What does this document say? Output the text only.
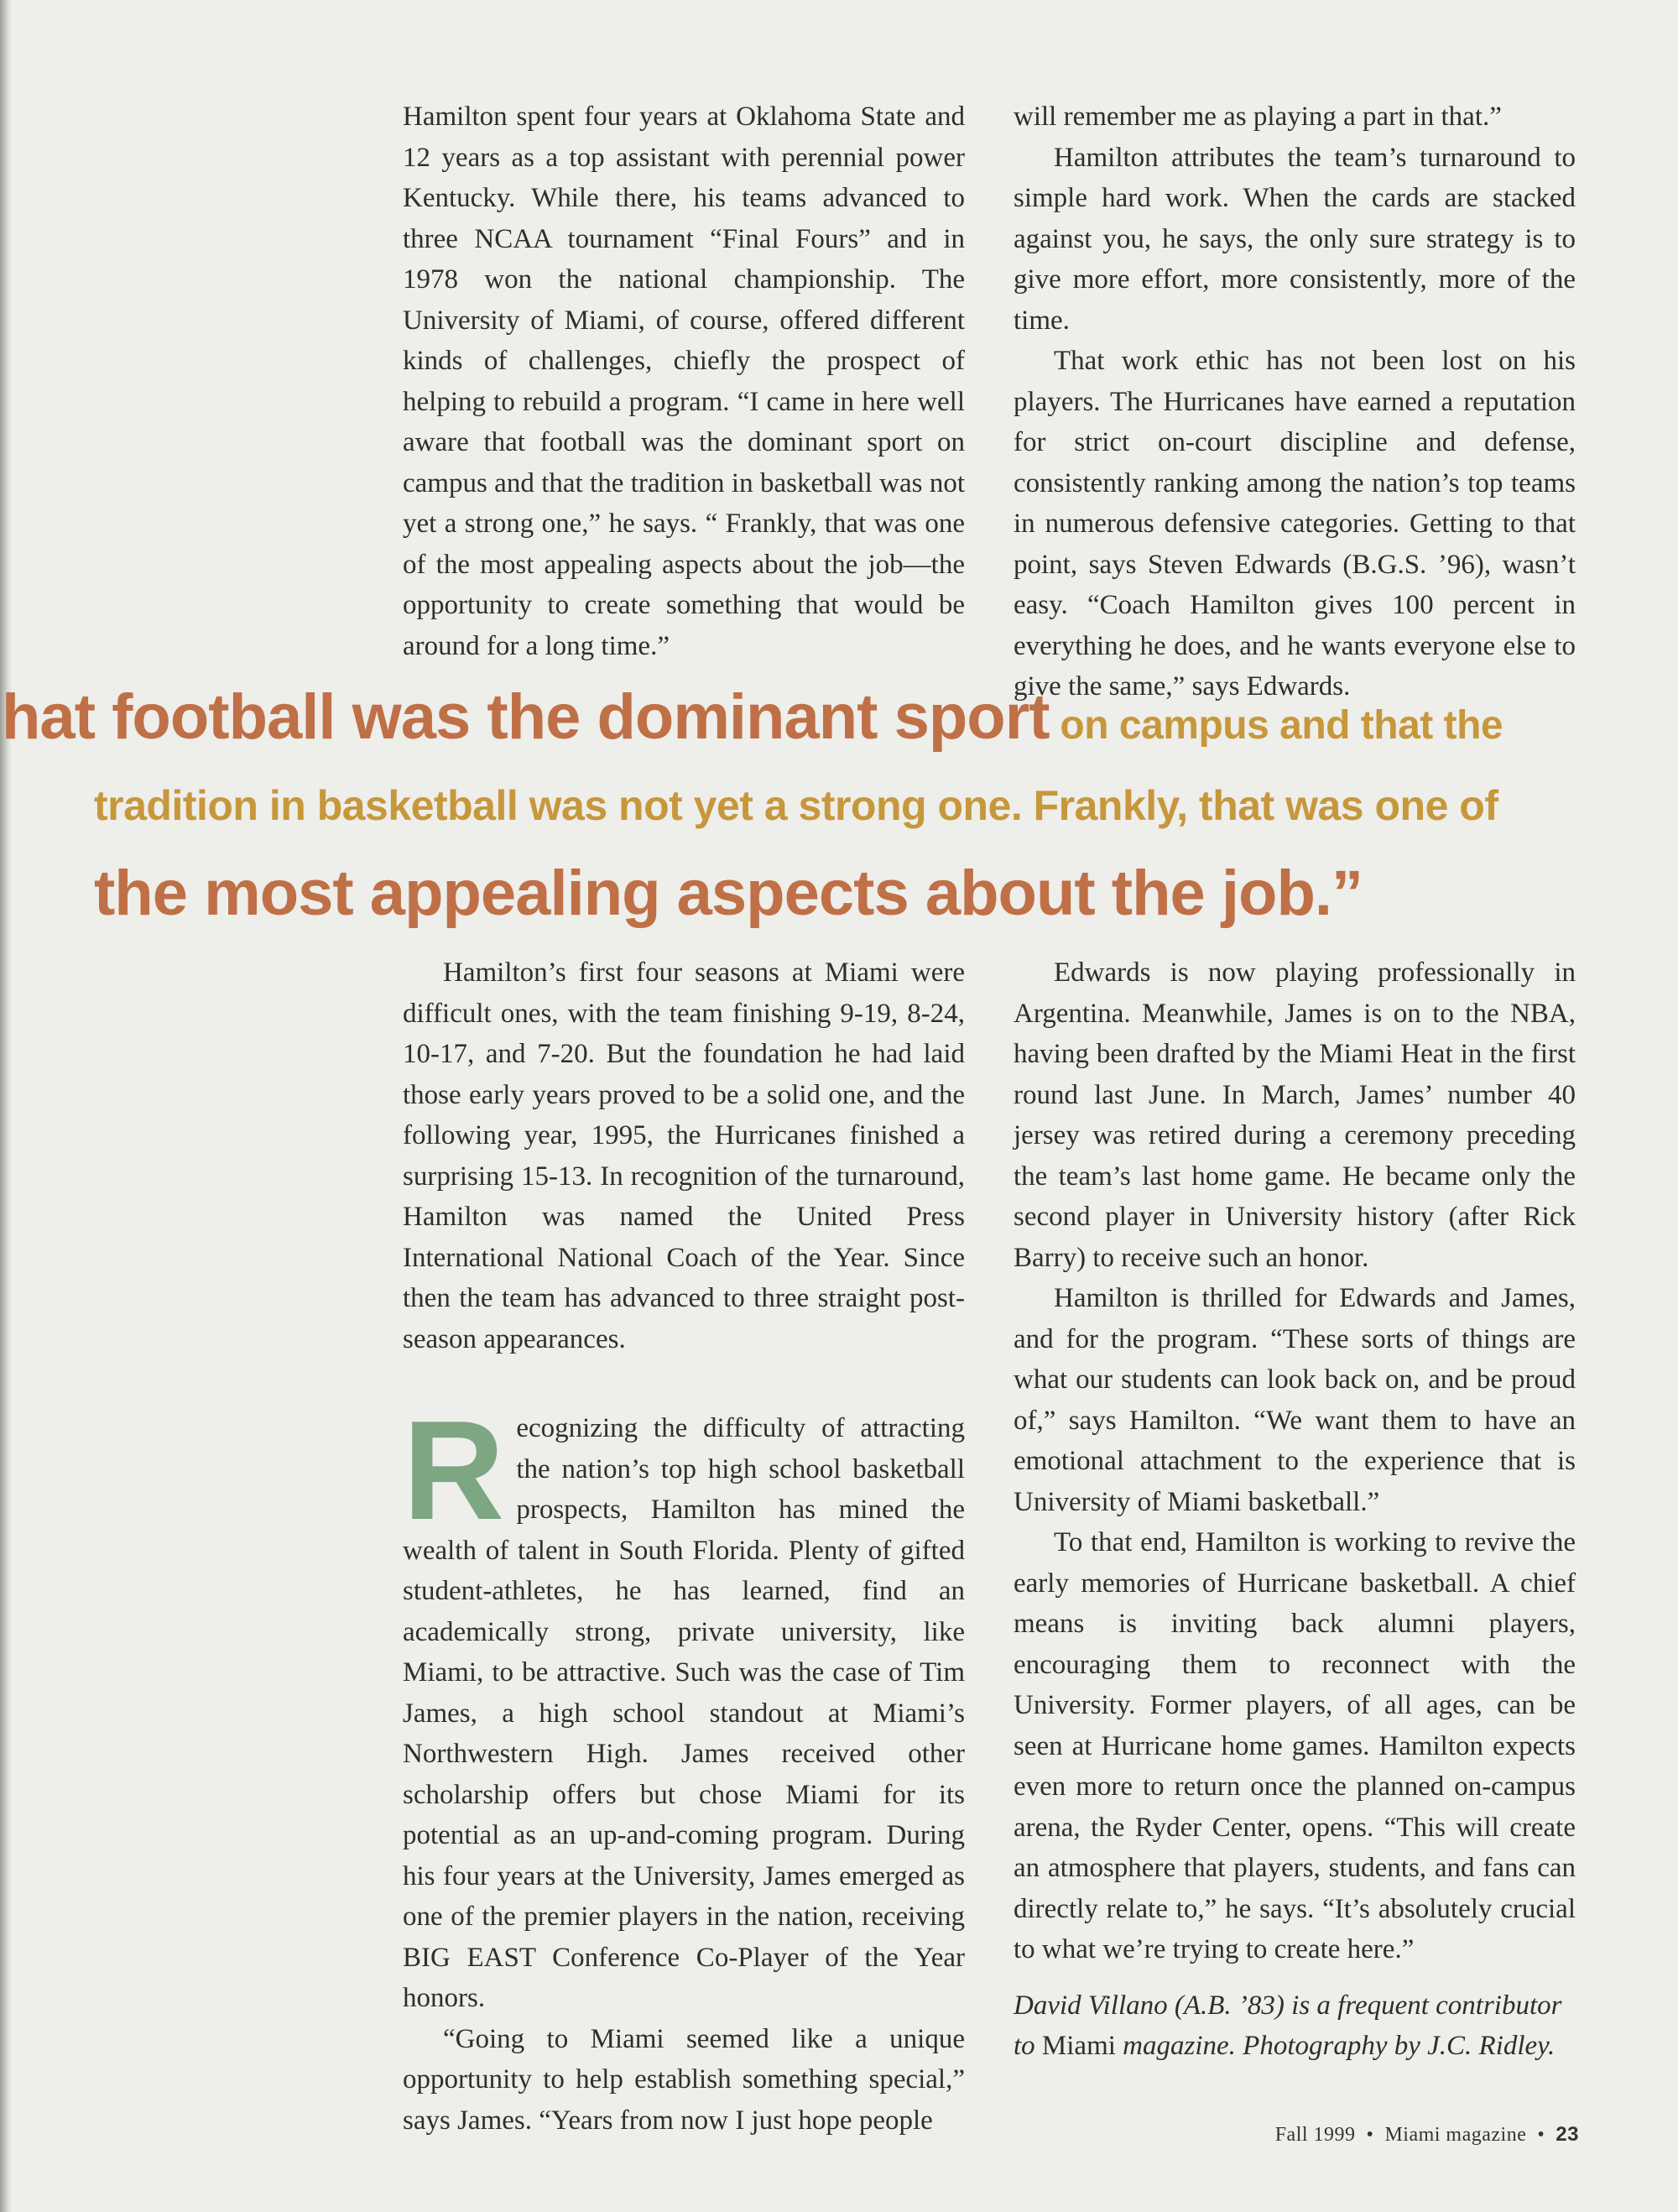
Hamilton spent four years at Oklahoma State and 12 years as a top assistant with perennial power Kentucky. While there, his teams advanced to three NCAA tournament “Final Fours” and in 1978 won the national championship. The University of Miami, of course, offered different kinds of challenges, chiefly the prospect of helping to rebuild a program. “I came in here well aware that football was the dominant sport on campus and that the tradition in basketball was not yet a strong one,” he says. “ Frankly, that was one of the most appealing aspects about the job—the opportunity to create something that would be around for a long time.”

will remember me as playing a part in that.”

Hamilton attributes the team’s turnaround to simple hard work. When the cards are stacked against you, he says, the only sure strategy is to give more effort, more consistently, more of the time.

That work ethic has not been lost on his players. The Hurricanes have earned a reputation for strict on-court discipline and defense, consistently ranking among the nation’s top teams in numerous defensive categories. Getting to that point, says Steven Edwards (B.G.S. ’96), wasn’t easy. “Coach Hamilton gives 100 percent in everything he does, and he wants everyone else to give the same,” says Edwards.

hat football was the dominant sport on campus and that the
tradition in basketball was not yet a strong one. Frankly, that was one of
the most appealing aspects about the job.”

Hamilton’s first four seasons at Miami were difficult ones, with the team finishing 9-19, 8-24, 10-17, and 7-20. But the foundation he had laid those early years proved to be a solid one, and the following year, 1995, the Hurricanes finished a surprising 15-13. In recognition of the turnaround, Hamilton was named the United Press International National Coach of the Year. Since then the team has advanced to three straight post-season appearances.

Recognizing the difficulty of attracting the nation’s top high school basketball prospects, Hamilton has mined the wealth of talent in South Florida. Plenty of gifted student-athletes, he has learned, find an academically strong, private university, like Miami, to be attractive. Such was the case of Tim James, a high school standout at Miami’s Northwestern High. James received other scholarship offers but chose Miami for its potential as an up-and-coming program. During his four years at the University, James emerged as one of the premier players in the nation, receiving BIG EAST Conference Co-Player of the Year honors.

“Going to Miami seemed like a unique opportunity to help establish something special,” says James. “Years from now I just hope people

Edwards is now playing professionally in Argentina. Meanwhile, James is on to the NBA, having been drafted by the Miami Heat in the first round last June. In March, James’ number 40 jersey was retired during a ceremony preceding the team’s last home game. He became only the second player in University history (after Rick Barry) to receive such an honor.

Hamilton is thrilled for Edwards and James, and for the program. “These sorts of things are what our students can look back on, and be proud of,” says Hamilton. “We want them to have an emotional attachment to the experience that is University of Miami basketball.”

To that end, Hamilton is working to revive the early memories of Hurricane basketball. A chief means is inviting back alumni players, encouraging them to reconnect with the University. Former players, of all ages, can be seen at Hurricane home games. Hamilton expects even more to return once the planned on-campus arena, the Ryder Center, opens. “This will create an atmosphere that players, students, and fans can directly relate to,” he says. “It’s absolutely crucial to what we’re trying to create here.”

David Villano (A.B. ’83) is a frequent contributor to Miami magazine. Photography by J.C. Ridley.

Fall 1999 • Miami magazine • 23
